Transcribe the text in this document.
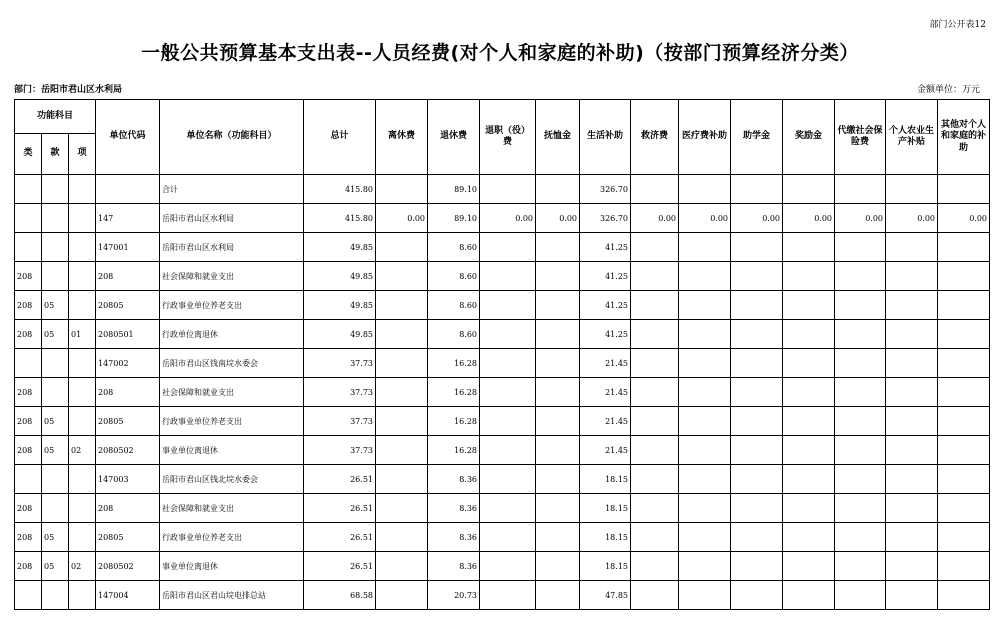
部门公开表12
一般公共预算基本支出表--人员经费(对个人和家庭的补助)（按部门预算经济分类）
部门：岳阳市君山区水利局	金额单位：万元
功能科目			单位代码	单位名称（功能科目）	总计	离休费	退休费	退职（役）费	抚恤金	生活补助	救济费	医疗费补助	助学金	奖励金	代缴社会保险费	个人农业生产补贴	其他对个人和家庭的补助
类	款	项															
				合计	415.80		89.10			326.70							
			147	岳阳市君山区水利局	415.80	0.00	89.10	0.00	0.00	326.70	0.00	0.00	0.00	0.00	0.00	0.00	0.00
			147001	岳阳市君山区水利局	49.85		8.60			41.25							
208			208	社会保障和就业支出	49.85		8.60			41.25							
208	05		20805	行政事业单位养老支出	49.85		8.60			41.25							
208	05	01	2080501	行政单位离退休	49.85		8.60			41.25							
			147002	岳阳市君山区钱南垸水委会	37.73		16.28			21.45							
208			208	社会保障和就业支出	37.73		16.28			21.45							
208	05		20805	行政事业单位养老支出	37.73		16.28			21.45							
208	05	02	2080502	事业单位离退休	37.73		16.28			21.45							
			147003	岳阳市君山区钱北垸水委会	26.51		8.36			18.15							
208			208	社会保障和就业支出	26.51		8.36			18.15							
208	05		20805	行政事业单位养老支出	26.51		8.36			18.15							
208	05	02	2080502	事业单位离退休	26.51		8.36			18.15							
			147004	岳阳市君山区君山垸电排总站	68.58		20.73			47.85							
